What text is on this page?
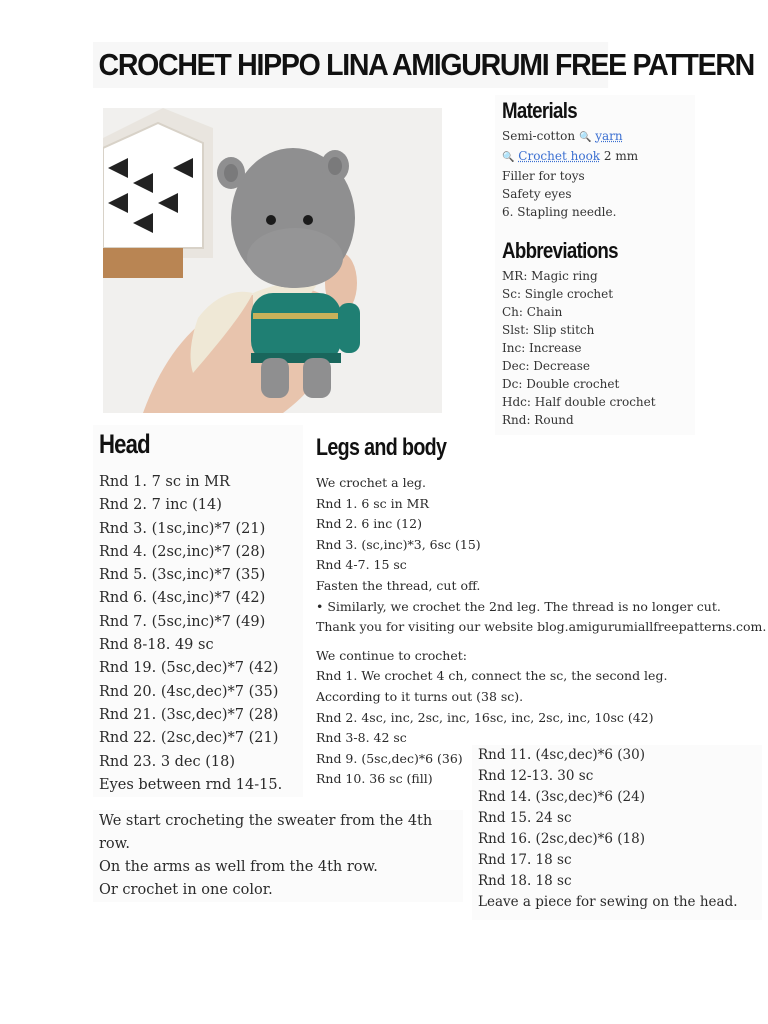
CROCHET HIPPO LINA AMIGURUMI FREE PATTERN
Materials
Semi-cotton 🔍 yarn
🔍 Crochet hook 2 mm
Filler for toys
Safety eyes
6. Stapling needle.
Abbreviations
MR: Magic ring
Sc: Single crochet
Ch: Chain
Slst: Slip stitch
Inc: Increase
Dec: Decrease
Dc: Double crochet
Hdc: Half double crochet
Rnd: Round
Head
Rnd 1. 7 sc in MR
Rnd 2. 7 inc (14)
Rnd 3. (1sc,inc)*7 (21)
Rnd 4. (2sc,inc)*7 (28)
Rnd 5. (3sc,inc)*7 (35)
Rnd 6. (4sc,inc)*7 (42)
Rnd 7. (5sc,inc)*7 (49)
Rnd 8-18. 49 sc
Rnd 19. (5sc,dec)*7 (42)
Rnd 20. (4sc,dec)*7 (35)
Rnd 21. (3sc,dec)*7 (28)
Rnd 22. (2sc,dec)*7 (21)
Rnd 23. 3 dec (18)
Eyes between rnd 14-15.
We start crocheting the sweater from the 4th row.
On the arms as well from the 4th row.
Or crochet in one color.
Legs and body
We crochet a leg.
Rnd 1. 6 sc in MR
Rnd 2. 6 inc (12)
Rnd 3. (sc,inc)*3, 6sc (15)
Rnd 4-7. 15 sc
Fasten the thread, cut off.
• Similarly, we crochet the 2nd leg. The thread is no longer cut.
Thank you for visiting our website blog.amigurumiallfreepatterns.com.
We continue to crochet:
Rnd 1. We crochet 4 ch, connect the sc, the second leg.
According to it turns out (38 sc).
Rnd 2. 4sc, inc, 2sc, inc, 16sc, inc, 2sc, inc, 10sc (42)
Rnd 3-8. 42 sc
Rnd 9. (5sc,dec)*6 (36)
Rnd 10. 36 sc (fill)
Rnd 11. (4sc,dec)*6 (30)
Rnd 12-13. 30 sc
Rnd 14. (3sc,dec)*6 (24)
Rnd 15. 24 sc
Rnd 16. (2sc,dec)*6 (18)
Rnd 17. 18 sc
Rnd 18. 18 sc
Leave a piece for sewing on the head.
